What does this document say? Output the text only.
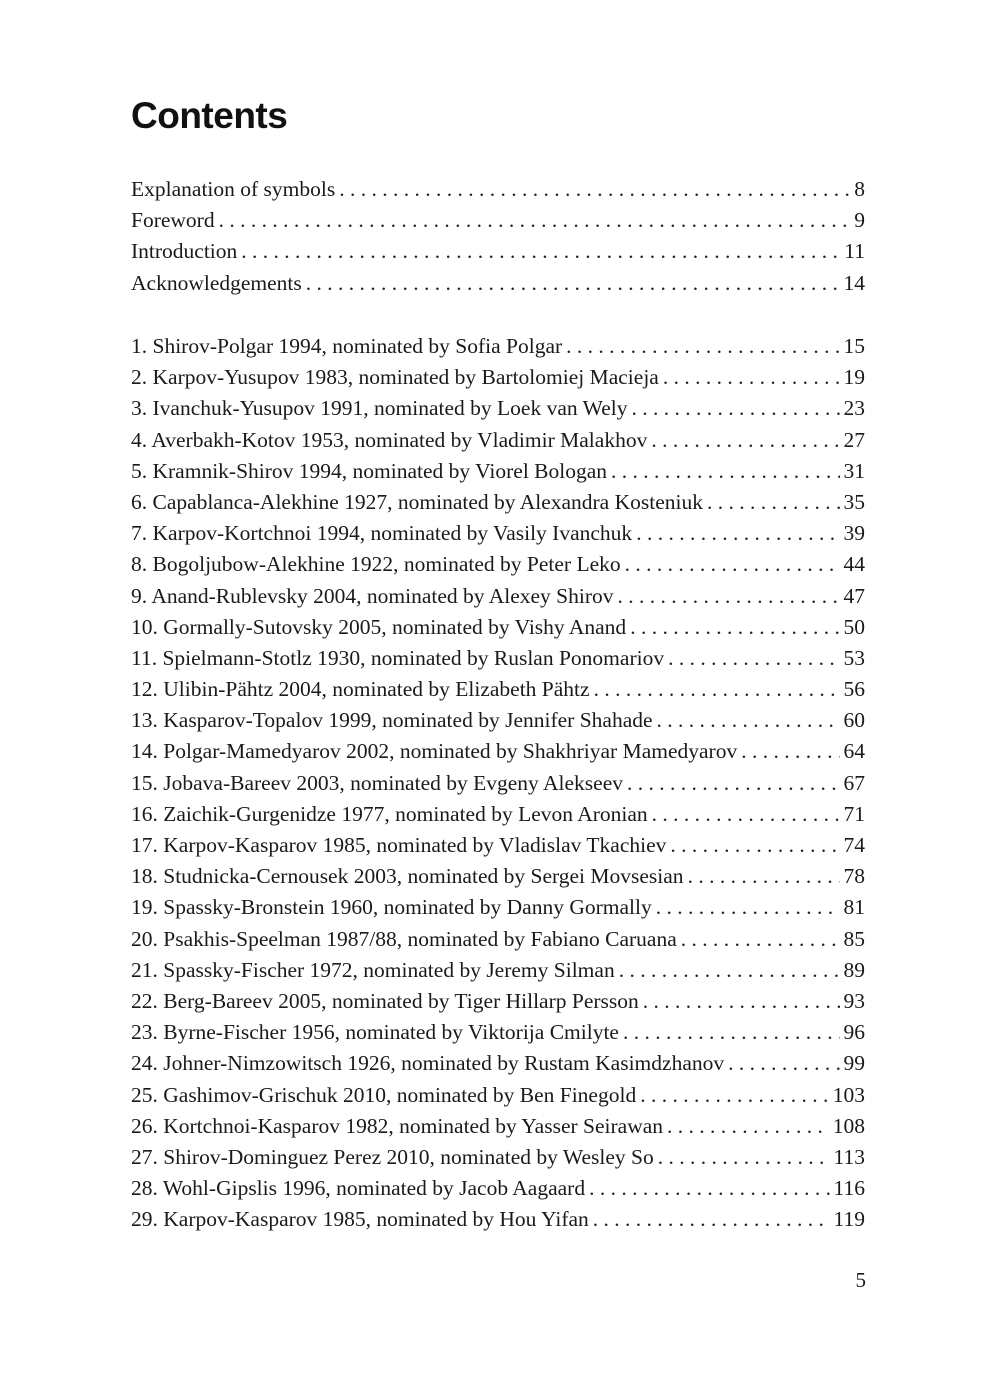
Contents
Explanation of symbols . . .	8
Foreword . . .	9
Introduction . . .	11
Acknowledgements . . .	14
1. Shirov-Polgar 1994, nominated by Sofia Polgar . . .	15
2. Karpov-Yusupov 1983, nominated by Bartolomiej Macieja . . .	19
3. Ivanchuk-Yusupov 1991, nominated by Loek van Wely . . .	23
4. Averbakh-Kotov 1953, nominated by Vladimir Malakhov . . .	27
5. Kramnik-Shirov 1994, nominated by Viorel Bologan . . .	31
6. Capablanca-Alekhine 1927, nominated by Alexandra Kosteniuk . . .	35
7. Karpov-Kortchnoi 1994, nominated by Vasily Ivanchuk . . .	39
8. Bogoljubow-Alekhine 1922, nominated by Peter Leko . . .	44
9. Anand-Rublevsky 2004, nominated by Alexey Shirov . . .	47
10. Gormally-Sutovsky 2005, nominated by Vishy Anand . . .	50
11. Spielmann-Stotlz 1930, nominated by Ruslan Ponomariov . . .	53
12. Ulibin-Pähtz 2004, nominated by Elizabeth Pähtz . . .	56
13. Kasparov-Topalov 1999, nominated by Jennifer Shahade . . .	60
14. Polgar-Mamedyarov 2002, nominated by Shakhriyar Mamedyarov . . .	64
15. Jobava-Bareev 2003, nominated by Evgeny Alekseev . . .	67
16. Zaichik-Gurgenidze 1977, nominated by Levon Aronian . . .	71
17. Karpov-Kasparov 1985, nominated by Vladislav Tkachiev . . .	74
18. Studnicka-Cernousek 2003, nominated by Sergei Movsesian . . .	78
19. Spassky-Bronstein 1960, nominated by Danny Gormally . . .	81
20. Psakhis-Speelman 1987/88, nominated by Fabiano Caruana . . .	85
21. Spassky-Fischer 1972, nominated by Jeremy Silman . . .	89
22. Berg-Bareev 2005, nominated by Tiger Hillarp Persson . . .	93
23. Byrne-Fischer 1956, nominated by Viktorija Cmilyte . . .	96
24. Johner-Nimzowitsch 1926, nominated by Rustam Kasimdzhanov . . .	99
25. Gashimov-Grischuk 2010, nominated by Ben Finegold . . .	103
26. Kortchnoi-Kasparov 1982, nominated by Yasser Seirawan . . .	108
27. Shirov-Dominguez Perez 2010, nominated by Wesley So . . .	113
28. Wohl-Gipslis 1996, nominated by Jacob Aagaard . . .	116
29. Karpov-Kasparov 1985, nominated by Hou Yifan . . .	119
5
